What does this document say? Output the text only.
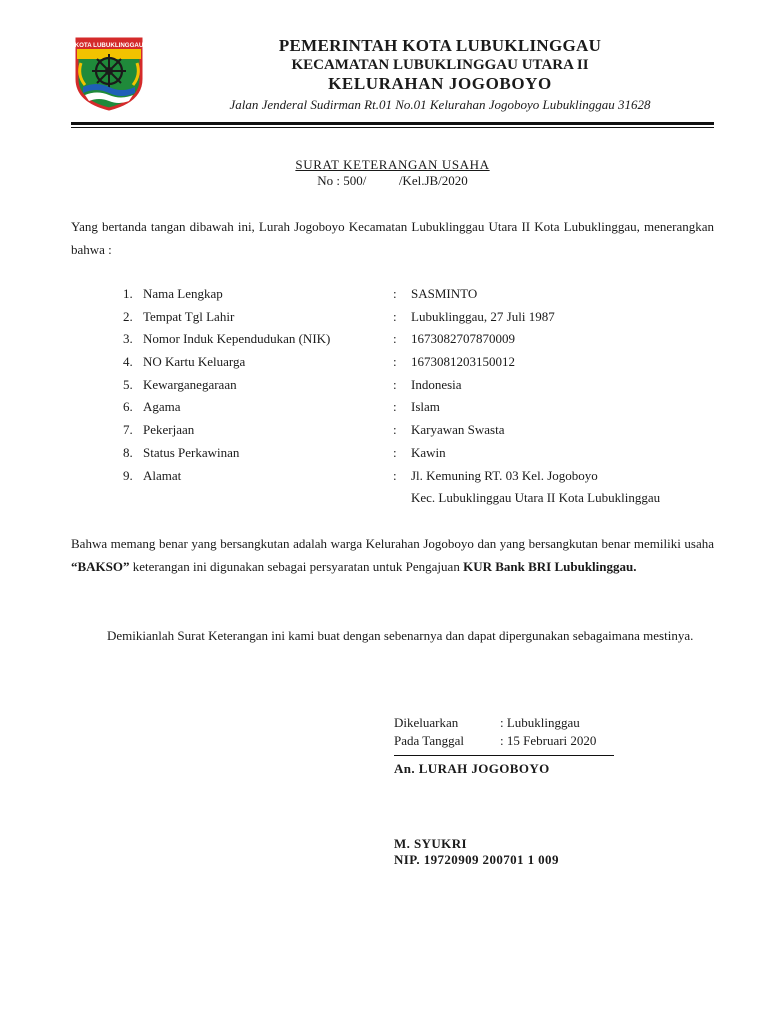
KOTA LUBUKLINGGAU	PEMERINTAH KOTA LUBUKLINGGAU
KECAMATAN LUBUKLINGGAU UTARA II
KELURAHAN JOGOBOYO
Jalan Jenderal Sudirman Rt.01 No.01 Kelurahan Jogoboyo Lubuklinggau 31628
SURAT KETERANGAN USAHA
No : 500/          /Kel.JB/2020
Yang bertanda tangan dibawah ini, Lurah Jogoboyo Kecamatan Lubuklinggau Utara II Kota Lubuklinggau, menerangkan bahwa :
1. Nama Lengkap	: SASMINTO
2. Tempat Tgl Lahir	: Lubuklinggau, 27 Juli 1987
3. Nomor Induk Kependudukan (NIK)	: 1673082707870009
4. NO Kartu Keluarga	: 1673081203150012
5. Kewarganegaraan	: Indonesia
6. Agama	: Islam
7. Pekerjaan	: Karyawan Swasta
8. Status Perkawinan	: Kawin
9. Alamat	: Jl. Kemuning RT. 03 Kel. Jogoboyo
Kec. Lubuklinggau Utara II Kota Lubuklinggau
Bahwa memang benar yang bersangkutan adalah warga Kelurahan Jogoboyo dan yang bersangkutan benar memiliki usaha “BAKSO” keterangan ini digunakan sebagai persyaratan untuk Pengajuan KUR Bank BRI Lubuklinggau.
Demikianlah Surat Keterangan ini kami buat dengan sebenarnya dan dapat dipergunakan sebagaimana mestinya.
Dikeluarkan	: Lubuklinggau
Pada Tanggal	: 15 Februari 2020
An. LURAH JOGOBOYO
M. SYUKRI
NIP. 19720909 200701 1 009
